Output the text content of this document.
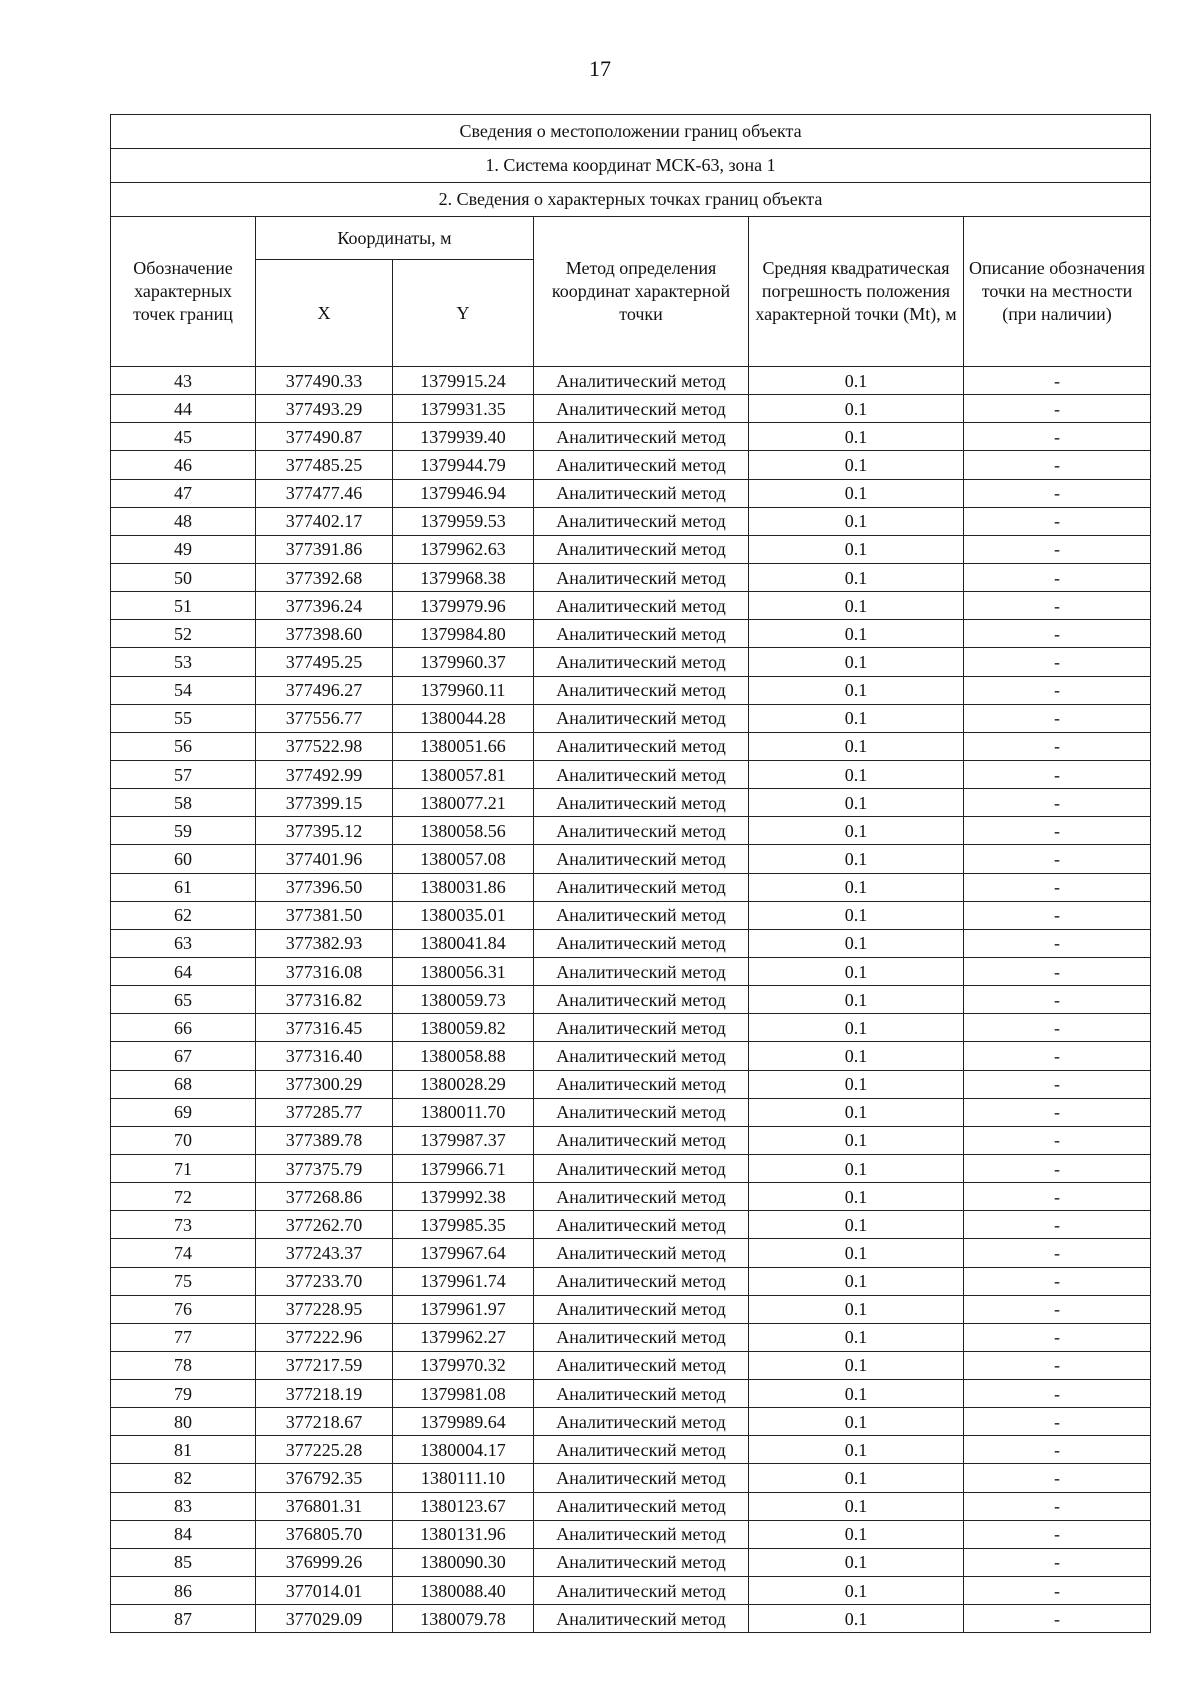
17
Сведения о местоположении границ объекта					
1. Система координат МСК-63, зона 1					
2. Сведения о характерных точках границ объекта					
Обозначение характерных точек границ	Координаты, м		Метод определения координат характерной точки	Средняя квадратическая погрешность положения характерной точки (Mt), м	Описание обозначения точки на местности (при наличии)
	X	Y			
43	377490.33	1379915.24	Аналитический метод	0.1	-
44	377493.29	1379931.35	Аналитический метод	0.1	-
45	377490.87	1379939.40	Аналитический метод	0.1	-
46	377485.25	1379944.79	Аналитический метод	0.1	-
47	377477.46	1379946.94	Аналитический метод	0.1	-
48	377402.17	1379959.53	Аналитический метод	0.1	-
49	377391.86	1379962.63	Аналитический метод	0.1	-
50	377392.68	1379968.38	Аналитический метод	0.1	-
51	377396.24	1379979.96	Аналитический метод	0.1	-
52	377398.60	1379984.80	Аналитический метод	0.1	-
53	377495.25	1379960.37	Аналитический метод	0.1	-
54	377496.27	1379960.11	Аналитический метод	0.1	-
55	377556.77	1380044.28	Аналитический метод	0.1	-
56	377522.98	1380051.66	Аналитический метод	0.1	-
57	377492.99	1380057.81	Аналитический метод	0.1	-
58	377399.15	1380077.21	Аналитический метод	0.1	-
59	377395.12	1380058.56	Аналитический метод	0.1	-
60	377401.96	1380057.08	Аналитический метод	0.1	-
61	377396.50	1380031.86	Аналитический метод	0.1	-
62	377381.50	1380035.01	Аналитический метод	0.1	-
63	377382.93	1380041.84	Аналитический метод	0.1	-
64	377316.08	1380056.31	Аналитический метод	0.1	-
65	377316.82	1380059.73	Аналитический метод	0.1	-
66	377316.45	1380059.82	Аналитический метод	0.1	-
67	377316.40	1380058.88	Аналитический метод	0.1	-
68	377300.29	1380028.29	Аналитический метод	0.1	-
69	377285.77	1380011.70	Аналитический метод	0.1	-
70	377389.78	1379987.37	Аналитический метод	0.1	-
71	377375.79	1379966.71	Аналитический метод	0.1	-
72	377268.86	1379992.38	Аналитический метод	0.1	-
73	377262.70	1379985.35	Аналитический метод	0.1	-
74	377243.37	1379967.64	Аналитический метод	0.1	-
75	377233.70	1379961.74	Аналитический метод	0.1	-
76	377228.95	1379961.97	Аналитический метод	0.1	-
77	377222.96	1379962.27	Аналитический метод	0.1	-
78	377217.59	1379970.32	Аналитический метод	0.1	-
79	377218.19	1379981.08	Аналитический метод	0.1	-
80	377218.67	1379989.64	Аналитический метод	0.1	-
81	377225.28	1380004.17	Аналитический метод	0.1	-
82	376792.35	1380111.10	Аналитический метод	0.1	-
83	376801.31	1380123.67	Аналитический метод	0.1	-
84	376805.70	1380131.96	Аналитический метод	0.1	-
85	376999.26	1380090.30	Аналитический метод	0.1	-
86	377014.01	1380088.40	Аналитический метод	0.1	-
87	377029.09	1380079.78	Аналитический метод	0.1	-
